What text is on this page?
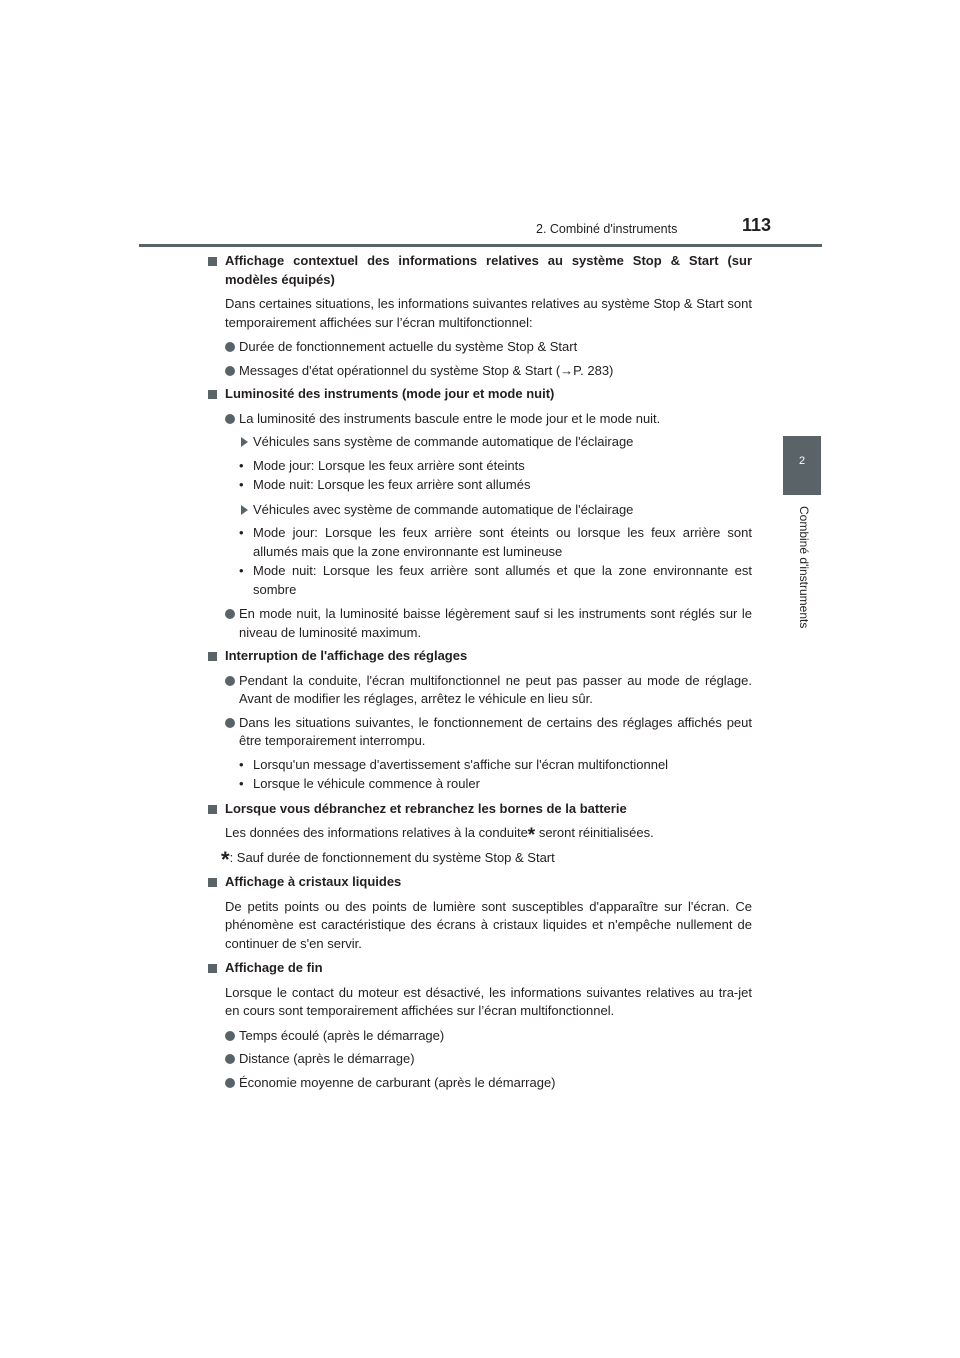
2. Combiné d'instruments	113
2
Combiné d'instruments
Affichage contextuel des informations relatives au système Stop & Start (sur modèles équipés)
Dans certaines situations, les informations suivantes relatives au système Stop & Start sont temporairement affichées sur l’écran multifonctionnel:
Durée de fonctionnement actuelle du système Stop & Start
Messages d'état opérationnel du système Stop & Start (→P. 283)
Luminosité des instruments (mode jour et mode nuit)
La luminosité des instruments bascule entre le mode jour et le mode nuit.
Véhicules sans système de commande automatique de l'éclairage
• Mode jour: Lorsque les feux arrière sont éteints
• Mode nuit: Lorsque les feux arrière sont allumés
Véhicules avec système de commande automatique de l'éclairage
• Mode jour: Lorsque les feux arrière sont éteints ou lorsque les feux arrière sont allumés mais que la zone environnante est lumineuse
• Mode nuit: Lorsque les feux arrière sont allumés et que la zone environnante est sombre
En mode nuit, la luminosité baisse légèrement sauf si les instruments sont réglés sur le niveau de luminosité maximum.
Interruption de l'affichage des réglages
Pendant la conduite, l'écran multifonctionnel ne peut pas passer au mode de réglage. Avant de modifier les réglages, arrêtez le véhicule en lieu sûr.
Dans les situations suivantes, le fonctionnement de certains des réglages affichés peut être temporairement interrompu.
• Lorsqu'un message d'avertissement s'affiche sur l'écran multifonctionnel
• Lorsque le véhicule commence à rouler
Lorsque vous débranchez et rebranchez les bornes de la batterie
Les données des informations relatives à la conduite* seront réinitialisées.
*: Sauf durée de fonctionnement du système Stop & Start
Affichage à cristaux liquides
De petits points ou des points de lumière sont susceptibles d'apparaître sur l'écran. Ce phénomène est caractéristique des écrans à cristaux liquides et n'empêche nullement de continuer de s'en servir.
Affichage de fin
Lorsque le contact du moteur est désactivé, les informations suivantes relatives au tra-jet en cours sont temporairement affichées sur l’écran multifonctionnel.
Temps écoulé (après le démarrage)
Distance (après le démarrage)
Économie moyenne de carburant (après le démarrage)
